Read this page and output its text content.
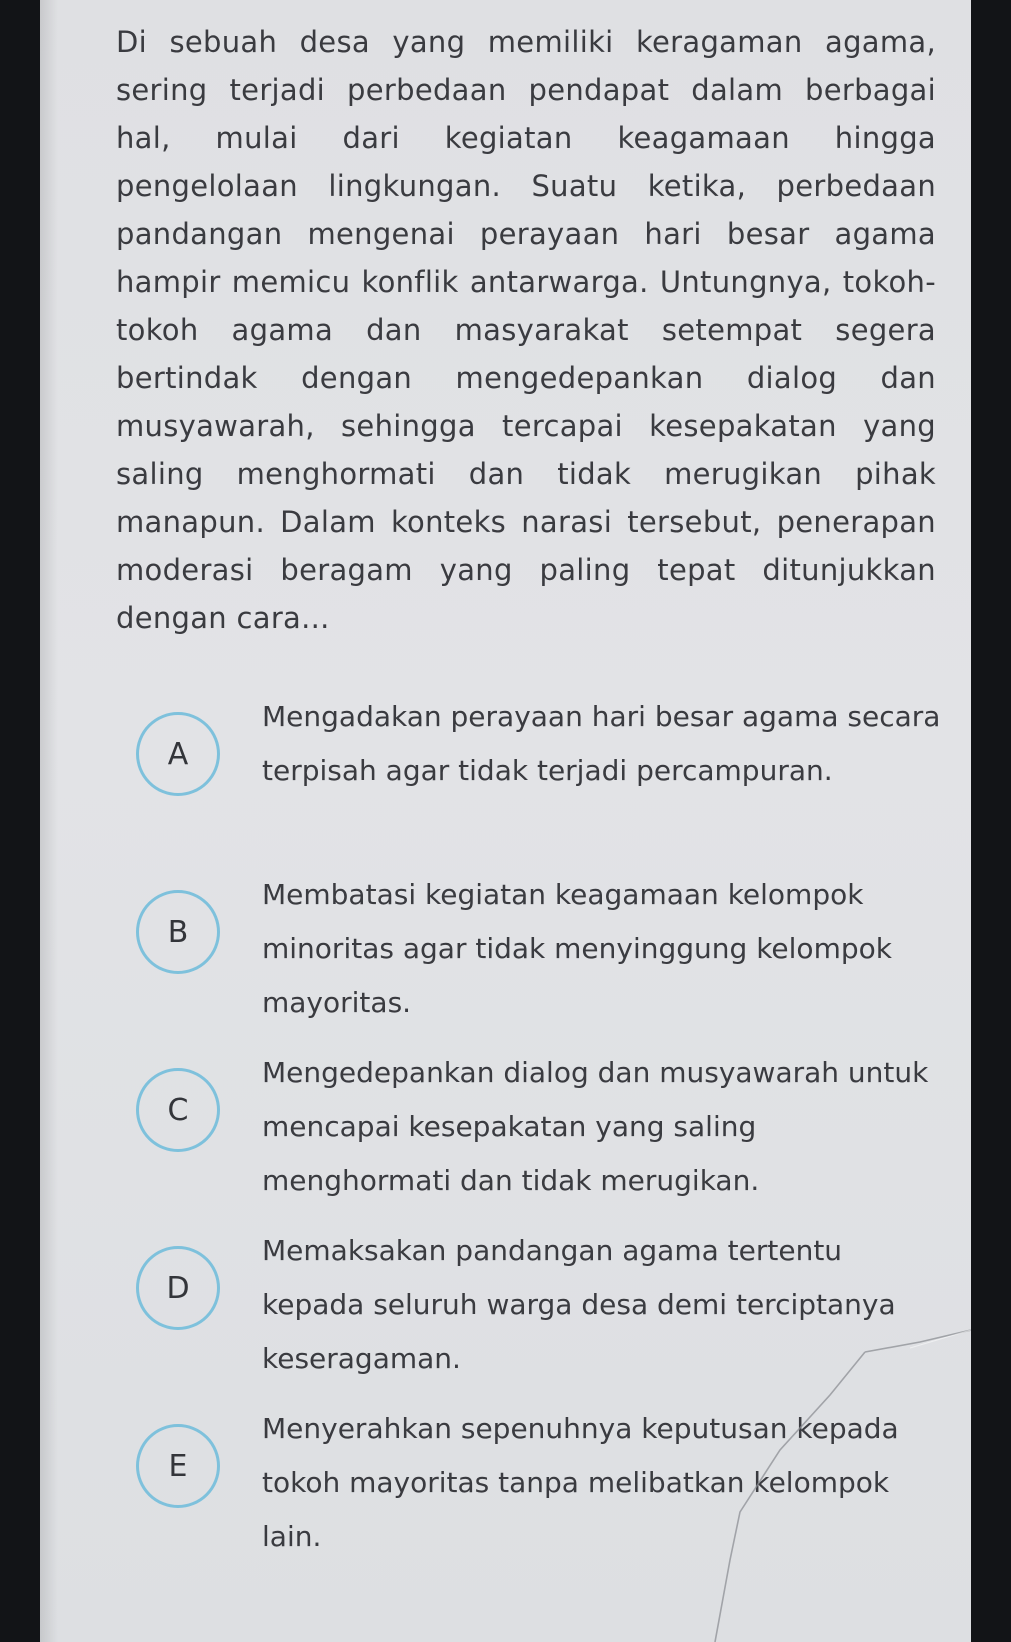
Di sebuah desa yang memiliki keragaman agama, sering terjadi perbedaan pendapat dalam berbagai hal, mulai dari kegiatan keagamaan hingga pengelolaan lingkungan. Suatu ketika, perbedaan pandangan mengenai perayaan hari besar agama hampir memicu konflik antarwarga. Untungnya, tokoh-tokoh agama dan masyarakat setempat segera bertindak dengan mengedepankan dialog dan musyawarah, sehingga tercapai kesepakatan yang saling menghormati dan tidak merugikan pihak manapun. Dalam konteks narasi tersebut, penerapan moderasi beragam yang paling tepat ditunjukkan dengan cara...

A

Mengadakan perayaan hari besar agama secara terpisah agar tidak terjadi percampuran.

B

Membatasi kegiatan keagamaan kelompok minoritas agar tidak menyinggung kelompok mayoritas.

C

Mengedepankan dialog dan musyawarah untuk mencapai kesepakatan yang saling menghormati dan tidak merugikan.

D

Memaksakan pandangan agama tertentu kepada seluruh warga desa demi terciptanya keseragaman.

E

Menyerahkan sepenuhnya keputusan kepada tokoh mayoritas tanpa melibatkan kelompok lain.
